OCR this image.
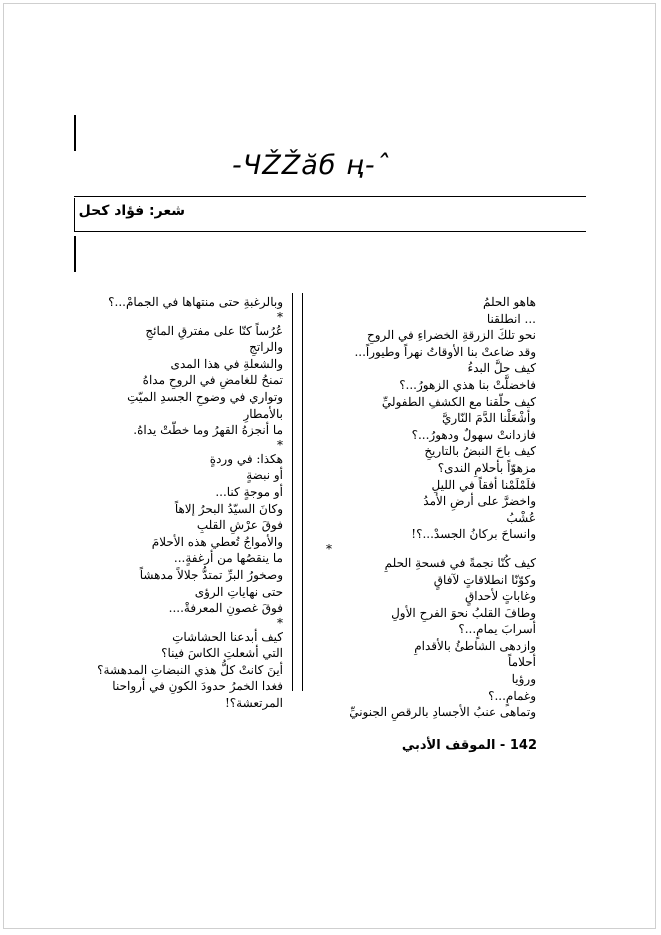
-ЧŽŽăб ң-ˆ
شعر: فؤاد كحل
هاهو الحلمُ
... انطلقنا
نحو تلكَ الزرقةِ الخضراءِ في الروحِ
وقد ضاعتْ بنا الأوقاتُ نهراً وطيوراً...
كيف حلَّ البدءُ
فاخضلَّتْ بنا هذي الزهورُ...؟
كيف حلّقنا مع الكشفِ الطفوليِّ
وأشْعَلْنا الدَّمَ النّاريَّ
فازدانتْ سهولٌ ودهورُ...؟
كيف باحَ النبضُ بالتاريخِ
مزهوّاً بأحلامِ الندى؟
فلَمْلَمْنا أفقاً في الليلِ
واخضرَّ على أرضِ الأمدُ
عُشْبُ
وانساحَ بركانُ الجسدْ...؟!
*
كيف كُنّا نجمةً في فسحةِ الحلمِ
وكوّنّا انطلاقاتٍ لآفاقٍ
وغاباتٍ لأحداقٍ
وطافَ القلبُ نحوَ الفرحِ الأولِ
أسرابَ يمامٍ...؟
وازدهى الشاطئُ بالأقدامِ
أحلاماً
ورؤيا
وغمامٍ...؟
وتماهى عنبُ الأجسادِ بالرقصِ الجنونيِّ
وبالرغبةِ حتى منتهاها في الجمامْ...؟
*
عُرُساً كنّا على مفترقِ المائجِ
والراتجِ
والشعلةِ في هذا المدى
تمنحُ للغامضِ في الروحِ مداهُ
وتواري في وضوحِ الجسدِ الميّتِ
بالأمطارِ
ما أنجزهُ القهرُ وما خطّتْ يداهُ.
*
هكذا: في وردةٍ
أو نبضةٍ
أو موجةٍ كنا...
وكانَ السيّدُ البحرُ إلاهاً
فوقَ عرْشِ القلبِ
والأمواجُ تُعطي هذه الأحلامَ
ما ينقصُها من أرغفةٍ...
وصخورُ البرِّ تمتدُّ جلالاً مدهشاً
حتى نهاياتِ الرؤى
فوقَ غصونِ المعرفةْ....
*
كيف أبدعنا الحشاشاتِ
التي أشعلتِ الكاسَ فينا؟
أينَ كانتْ كلُّ هذي النبضاتِ المدهشة؟
فغدا الخمرُ حدودَ الكونِ في أرواحنا
المرتعشة؟!
142 - الموقف الأدبي
